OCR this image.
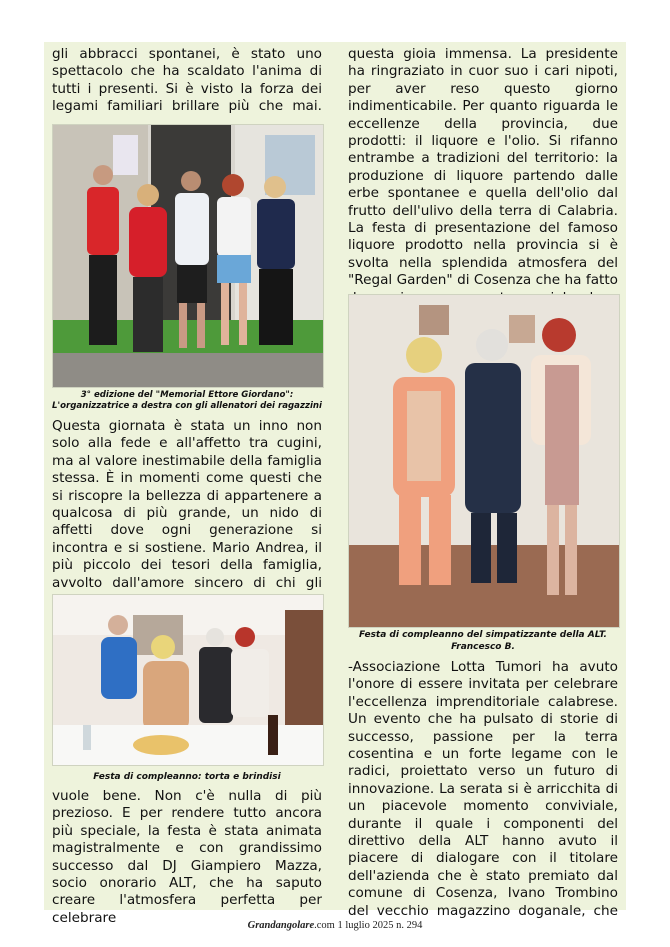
gli abbracci spontanei, è stato uno spettacolo che ha scaldato l'anima di tutti i presenti. Si è visto la forza dei legami familiari brillare più che mai.

3° edizione del "Memorial Ettore Giordano":

L'organizzatrice a destra con gli allenatori dei ragazzini

Questa giornata è stata un inno non solo alla fede e all'affetto tra cugini, ma al valore inestimabile della famiglia stessa. È in momenti come questi che si riscopre la bellezza di appartenere a qualcosa di più grande, un nido di affetti dove ogni generazione si incontra e si sostiene. Mario Andrea, il più piccolo dei tesori della famiglia, avvolto dall'amore sincero di chi gli

Festa di compleanno: torta e brindisi

vuole bene. Non c'è nulla di più prezioso. E per rendere tutto ancora più speciale, la festa è stata animata magistralmente e con grandissimo successo dal DJ Giampiero Mazza, socio onorario ALT, che ha saputo creare l'atmosfera perfetta per celebrare

questa gioia immensa. La presidente ha ringraziato in cuor suo i cari nipoti, per aver reso questo giorno indimenticabile. Per quanto riguarda le eccellenze della provincia, due prodotti: il liquore e l'olio. Si rifanno entrambe a tradizioni del territorio: la produzione di liquore partendo dalle erbe spontanee e quella dell'olio dal frutto dell'ulivo della terra di Calabria. La festa di presentazione del famoso liquore prodotto nella provincia si è svolta nella splendida atmosfera del "Regal Garden" di Cosenza che ha fatto

Festa di compleanno del simpatizzante della ALT.

Francesco B.

-Associazione Lotta Tumori ha avuto l'onore di essere invitata per celebrare l'eccellenza imprenditoriale calabrese. Un evento che ha pulsato di storie di successo, passione per la terra cosentina e un forte legame con le radici, proiettato verso un futuro di innovazione. La serata si è arricchita di un piacevole momento conviviale, durante il quale i componenti del direttivo della ALT hanno avuto il piacere di dialogare con il titolare dell'azienda che è stato premiato dal comune di Cosenza, Ivano Trombino del vecchio magazzino doganale, che

Grandangolare.com 1 luglio 2025 n. 294
